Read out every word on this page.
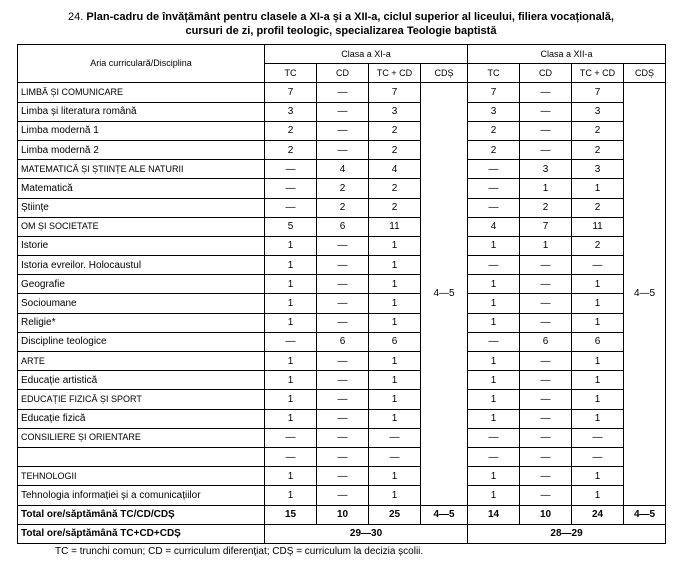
24. Plan-cadru de învățământ pentru clasele a XI-a și a XII-a, ciclul superior al liceului, filiera vocațională,
cursuri de zi, profil teologic, specializarea Teologie baptistă
Aria curriculară/Disciplina	Clasa a XI-a				Clasa a XII-a			
	TC	CD	TC + CD	CDȘ	TC	CD	TC + CD	CDȘ
LIMBĂ ȘI COMUNICARE	7	—	7	4—5	7	—	7	4—5
Limba și literatura română	3	—	3		3	—	3	
Limba modernă 1	2	—	2		2	—	2	
Limba modernă 2	2	—	2		2	—	2	
MATEMATICĂ ȘI ȘTIINȚE ALE NATURII	—	4	4		—	3	3	
Matematică	—	2	2		—	1	1	
Științe	—	2	2		—	2	2	
OM ȘI SOCIETATE	5	6	11		4	7	11	
Istorie	1	—	1		1	1	2	
Istoria evreilor. Holocaustul	1	—	1		—	—	—	
Geografie	1	—	1		1	—	1	
Socioumane	1	—	1		1	—	1	
Religie*	1	—	1		1	—	1	
Discipline teologice	—	6	6		—	6	6	
ARTE	1	—	1		1	—	1	
Educație artistică	1	—	1		1	—	1	
EDUCAȚIE FIZICĂ ȘI SPORT	1	—	1		1	—	1	
Educație fizică	1	—	1		1	—	1	
CONSILIERE ȘI ORIENTARE	—	—	—		—	—	—	
	—	—	—		—	—	—	
TEHNOLOGII	1	—	1		1	—	1	
Tehnologia informației și a comunicațiilor	1	—	1		1	—	1	
Total ore/săptămână TC/CD/CDȘ	15	10	25	4—5	14	10	24	4—5
Total ore/săptămână TC+CD+CDȘ	29—30				28—29			
TC = trunchi comun; CD = curriculum diferențiat; CDȘ = curriculum la decizia școlii.
